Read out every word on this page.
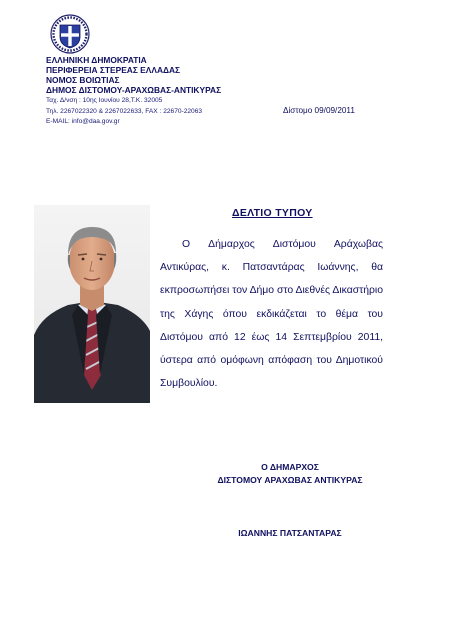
ΕΛΛΗΝΙΚΗ ΔΗΜΟΚΡΑΤΙΑ
ΠΕΡΙΦΕΡΕΙΑ ΣΤΕΡΕΑΣ ΕΛΛΑΔΑΣ
ΝΟΜΟΣ ΒΟΙΩΤΙΑΣ
ΔΗΜΟΣ ΔΙΣΤΟΜΟΥ-ΑΡΑΧΩΒΑΣ-ΑΝΤΙΚΥΡΑΣ
Ταχ. Δ/νση : 10ης Ιουνίου 28,Τ.Κ. 32005
Τηλ. 2267022320 & 2267022633, FAX : 22670-22063
E-MAIL: info@daa.gov.gr
Δίστομο 09/09/2011
ΔΕΛΤΙΟ ΤΥΠΟΥ

Ο Δήμαρχος Διστόμου Αράχωβας Αντικύρας, κ. Πατσαντάρας Ιωάννης, θα εκπροσωπήσει τον Δήμο στο Διεθνές Δικαστήριο της Χάγης όπου εκδικάζεται το θέμα του Διστόμου από 12 έως 14 Σεπτεμβρίου 2011, ύστερα από ομόφωνη απόφαση του Δημοτικού Συμβουλίου.

Ο ΔΗΜΑΡΧΟΣ
ΔΙΣΤΟΜΟΥ ΑΡΑΧΩΒΑΣ ΑΝΤΙΚΥΡΑΣ
ΙΩΑΝΝΗΣ ΠΑΤΣΑΝΤΑΡΑΣ
